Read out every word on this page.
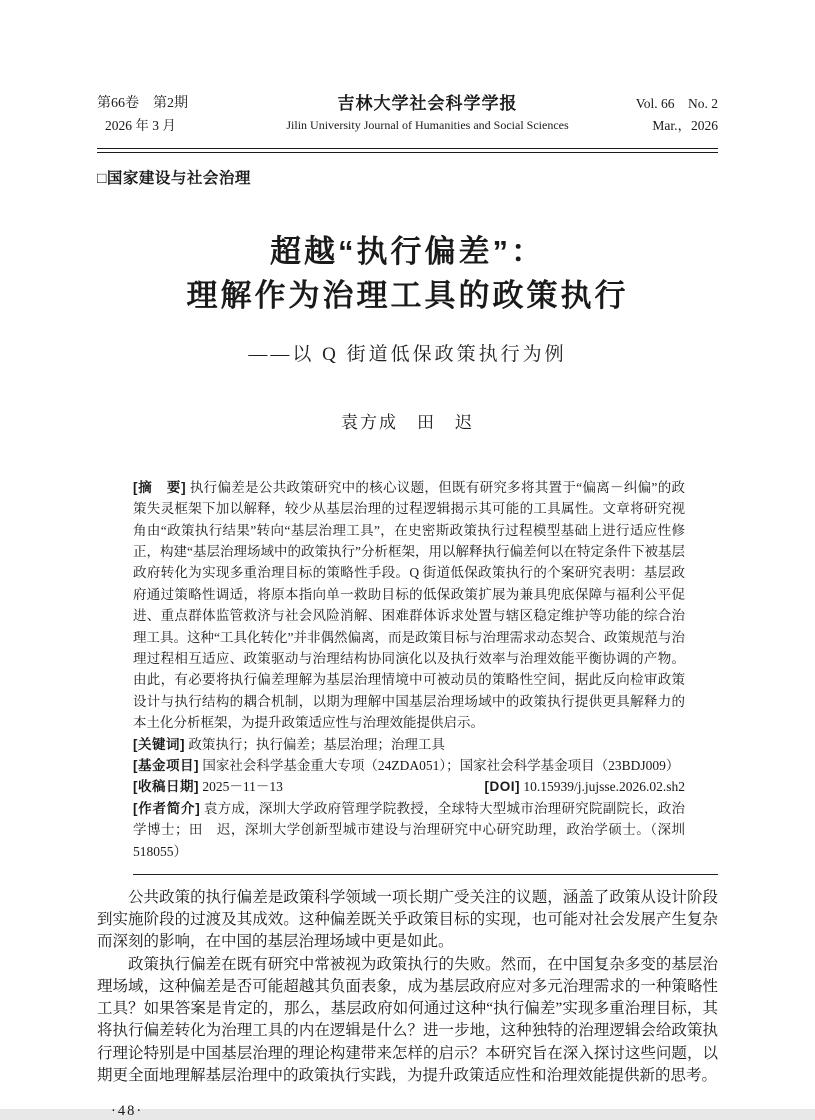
第66卷　第2期
2026 年 3 月
吉林大学社会科学学报
Jilin University Journal of Humanities and Social Sciences
Vol. 66　No. 2
Mar.，2026
□国家建设与社会治理
超越“执行偏差”：
理解作为治理工具的政策执行
——以 Q 街道低保政策执行为例
袁方成　田　迟

[摘　要] 执行偏差是公共政策研究中的核心议题，但既有研究多将其置于“偏离－纠偏”的政策失灵框架下加以解释，较少从基层治理的过程逻辑揭示其可能的工具属性。文章将研究视角由“政策执行结果”转向“基层治理工具”，在史密斯政策执行过程模型基础上进行适应性修正，构建“基层治理场域中的政策执行”分析框架，用以解释执行偏差何以在特定条件下被基层政府转化为实现多重治理目标的策略性手段。Q 街道低保政策执行的个案研究表明：基层政府通过策略性调适，将原本指向单一救助目标的低保政策扩展为兼具兜底保障与福利公平促进、重点群体监管救济与社会风险消解、困难群体诉求处置与辖区稳定维护等功能的综合治理工具。这种“工具化转化”并非偶然偏离，而是政策目标与治理需求动态契合、政策规范与治理过程相互适应、政策驱动与治理结构协同演化以及执行效率与治理效能平衡协调的产物。由此，有必要将执行偏差理解为基层治理情境中可被动员的策略性空间，据此反向检审政策设计与执行结构的耦合机制，以期为理解中国基层治理场域中的政策执行提供更具解释力的本土化分析框架，为提升政策适应性与治理效能提供启示。

[关键词] 政策执行；执行偏差；基层治理；治理工具

[基金项目] 国家社会科学基金重大专项（24ZDA051）；国家社会科学基金项目（23BDJ009）

[收稿日期] 2025－11－13	[DOI] 10.15939/j.jujsse.2026.02.sh2

[作者简介] 袁方成，深圳大学政府管理学院教授，全球特大型城市治理研究院副院长，政治学博士；田　迟，深圳大学创新型城市建设与治理研究中心研究助理，政治学硕士。（深圳　518055）

公共政策的执行偏差是政策科学领域一项长期广受关注的议题，涵盖了政策从设计阶段到实施阶段的过渡及其成效。这种偏差既关乎政策目标的实现，也可能对社会发展产生复杂而深刻的影响，在中国的基层治理场域中更是如此。

政策执行偏差在既有研究中常被视为政策执行的失败。然而，在中国复杂多变的基层治理场域，这种偏差是否可能超越其负面表象，成为基层政府应对多元治理需求的一种策略性工具？如果答案是肯定的，那么，基层政府如何通过这种“执行偏差”实现多重治理目标，其将执行偏差转化为治理工具的内在逻辑是什么？进一步地，这种独特的治理逻辑会给政策执行理论特别是中国基层治理的理论构建带来怎样的启示？本研究旨在深入探讨这些问题，以期更全面地理解基层治理中的政策执行实践，为提升政策适应性和治理效能提供新的思考。

·48·
